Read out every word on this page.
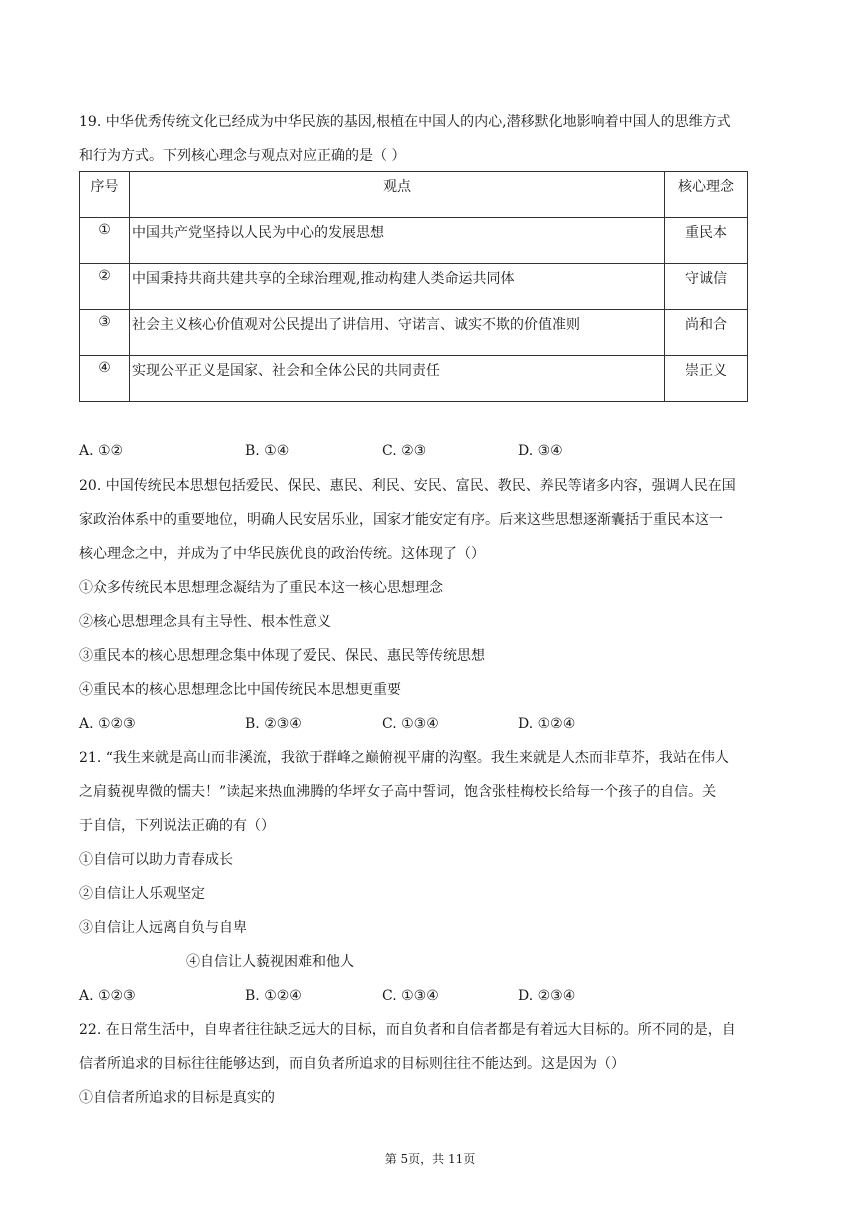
19. 中华优秀传统文化已经成为中华民族的基因,根植在中国人的内心,潜移默化地影响着中国人的思维方式
和行为方式。下列核心理念与观点对应正确的是（ ）
序号	观点	核心理念
①	中国共产党坚持以人民为中心的发展思想	重民本
②	中国秉持共商共建共享的全球治理观,推动构建人类命运共同体	守诚信
③	社会主义核心价值观对公民提出了讲信用、守诺言、诚实不欺的价值准则	尚和合
④	实现公平正义是国家、社会和全体公民的共同责任	崇正义
A. ①②	B. ①④	C. ②③	D. ③④
20. 中国传统民本思想包括爱民、保民、惠民、利民、安民、富民、教民、养民等诸多内容，强调人民在国
家政治体系中的重要地位，明确人民安居乐业，国家才能安定有序。后来这些思想逐渐囊括于重民本这一
核心理念之中，并成为了中华民族优良的政治传统。这体现了（）
①众多传统民本思想理念凝结为了重民本这一核心思想理念
②核心思想理念具有主导性、根本性意义
③重民本的核心思想理念集中体现了爱民、保民、惠民等传统思想
④重民本的核心思想理念比中国传统民本思想更重要
A. ①②③	B. ②③④	C. ①③④	D. ①②④
21. “我生来就是高山而非溪流，我欲于群峰之巅俯视平庸的沟壑。我生来就是人杰而非草芥，我站在伟人
之肩藐视卑微的懦夫！”读起来热血沸腾的华坪女子高中誓词，饱含张桂梅校长给每一个孩子的自信。关
于自信，下列说法正确的有（）
①自信可以助力青春成长
②自信让人乐观坚定
③自信让人远离自负与自卑
④自信让人藐视困难和他人
A. ①②③	B. ①②④	C. ①③④	D. ②③④
22. 在日常生活中，自卑者往往缺乏远大的目标，而自负者和自信者都是有着远大目标的。所不同的是，自
信者所追求的目标往往能够达到，而自负者所追求的目标则往往不能达到。这是因为（）
①自信者所追求的目标是真实的
第 5页，共 11页
